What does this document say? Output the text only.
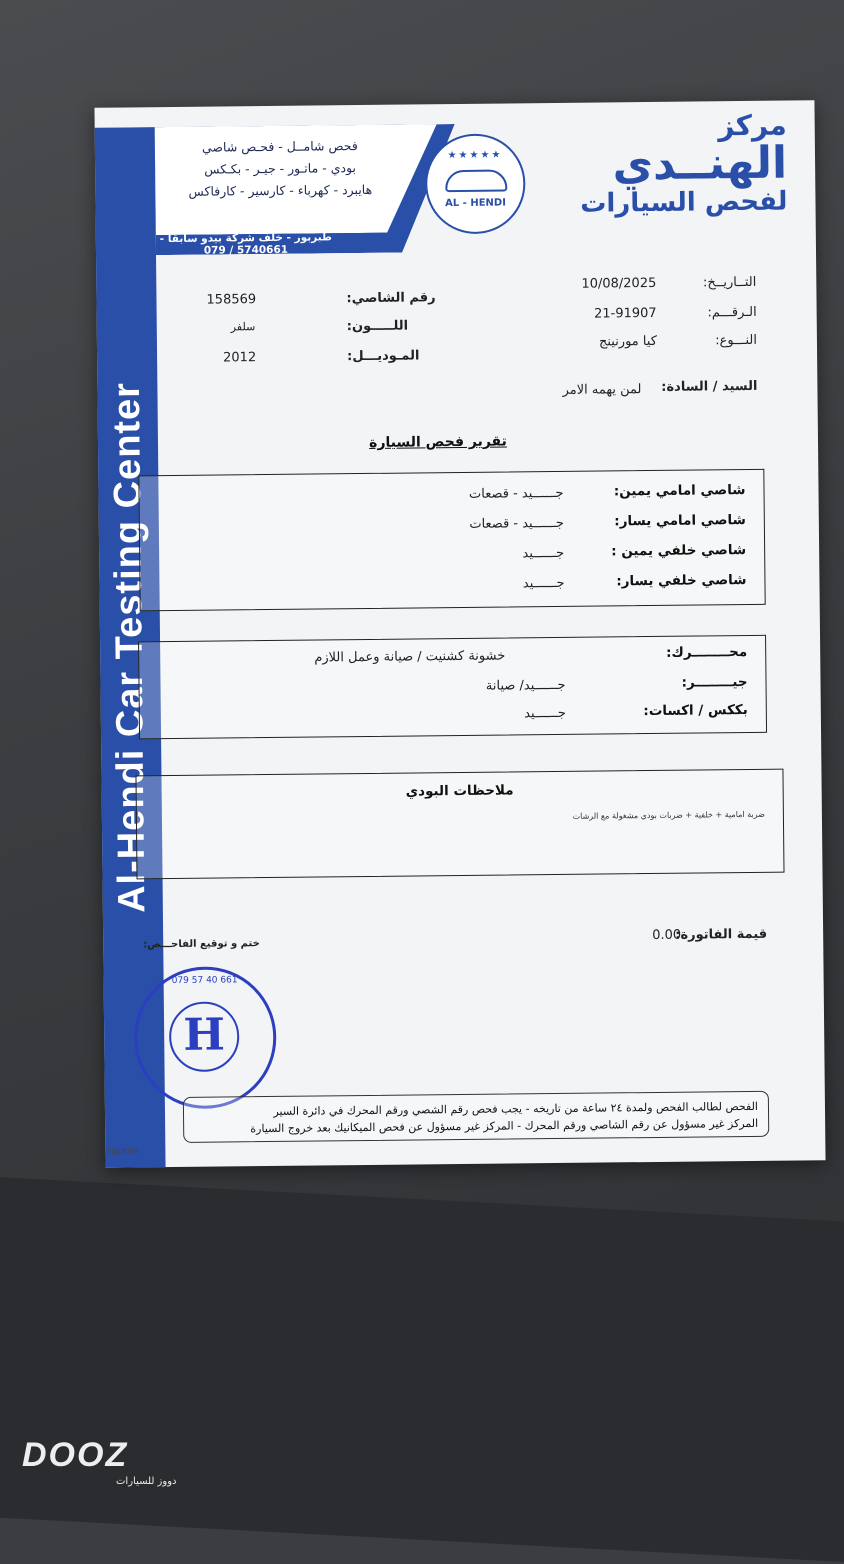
Al-Hendi Car Testing Center
فحص شامــل - فحـص شاصي
بودي - ماتـور - جيـر - بكـكس
هايبرد - كهرباء - كارسير - كارفاكس
طبربور - خلف شركة بيدو سابقا - 5740661 / 079
★★★★★
AL - HENDI
مركز
الهنــدي
لفحص السيارات
التــاريــخ:
10/08/2025
الـرقـــم:
21-91907
النـــوع:
كيا مورنينج
رقم الشاصي:
158569
اللـــــون:
سلفر
المـوديـــل:
2012
السيد / السادة:
لمن يهمه الامر
تقرير فحص السيارة
شاصي امامي يمين:
جــــــيد - قصعات
شاصي امامي يسار:
جــــــيد - قصعات
شاصي خلفي يمين :
جــــــيد
شاصي خلفي يسار:
جــــــيد
محــــــــرك:
خشونة كشنيت / صيانة وعمل اللازم
جيــــــــر:
جــــــيد/ صيانة
بككس / اكسات:
جــــــيد
ملاحظات البودي
ضربة امامية + خلفية + ضربات بودي مشغولة مع الرشات
قيمة الفاتورة:
0.00
ختم و توقيع الفاحـــص:
079 57 40 661
H
الفحص لطالب الفحص ولمدة ٢٤ ساعة من تاريخه - يجب فحص رقم الشصي ورقم المحرك في دائرة السير
المركز غير مسؤول عن رقم الشاصي ورقم المحرك - المركز غير مسؤول عن فحص الميكانيك بعد خروج السيارة
FJ@2020
DOOZ
دووز للسيارات
